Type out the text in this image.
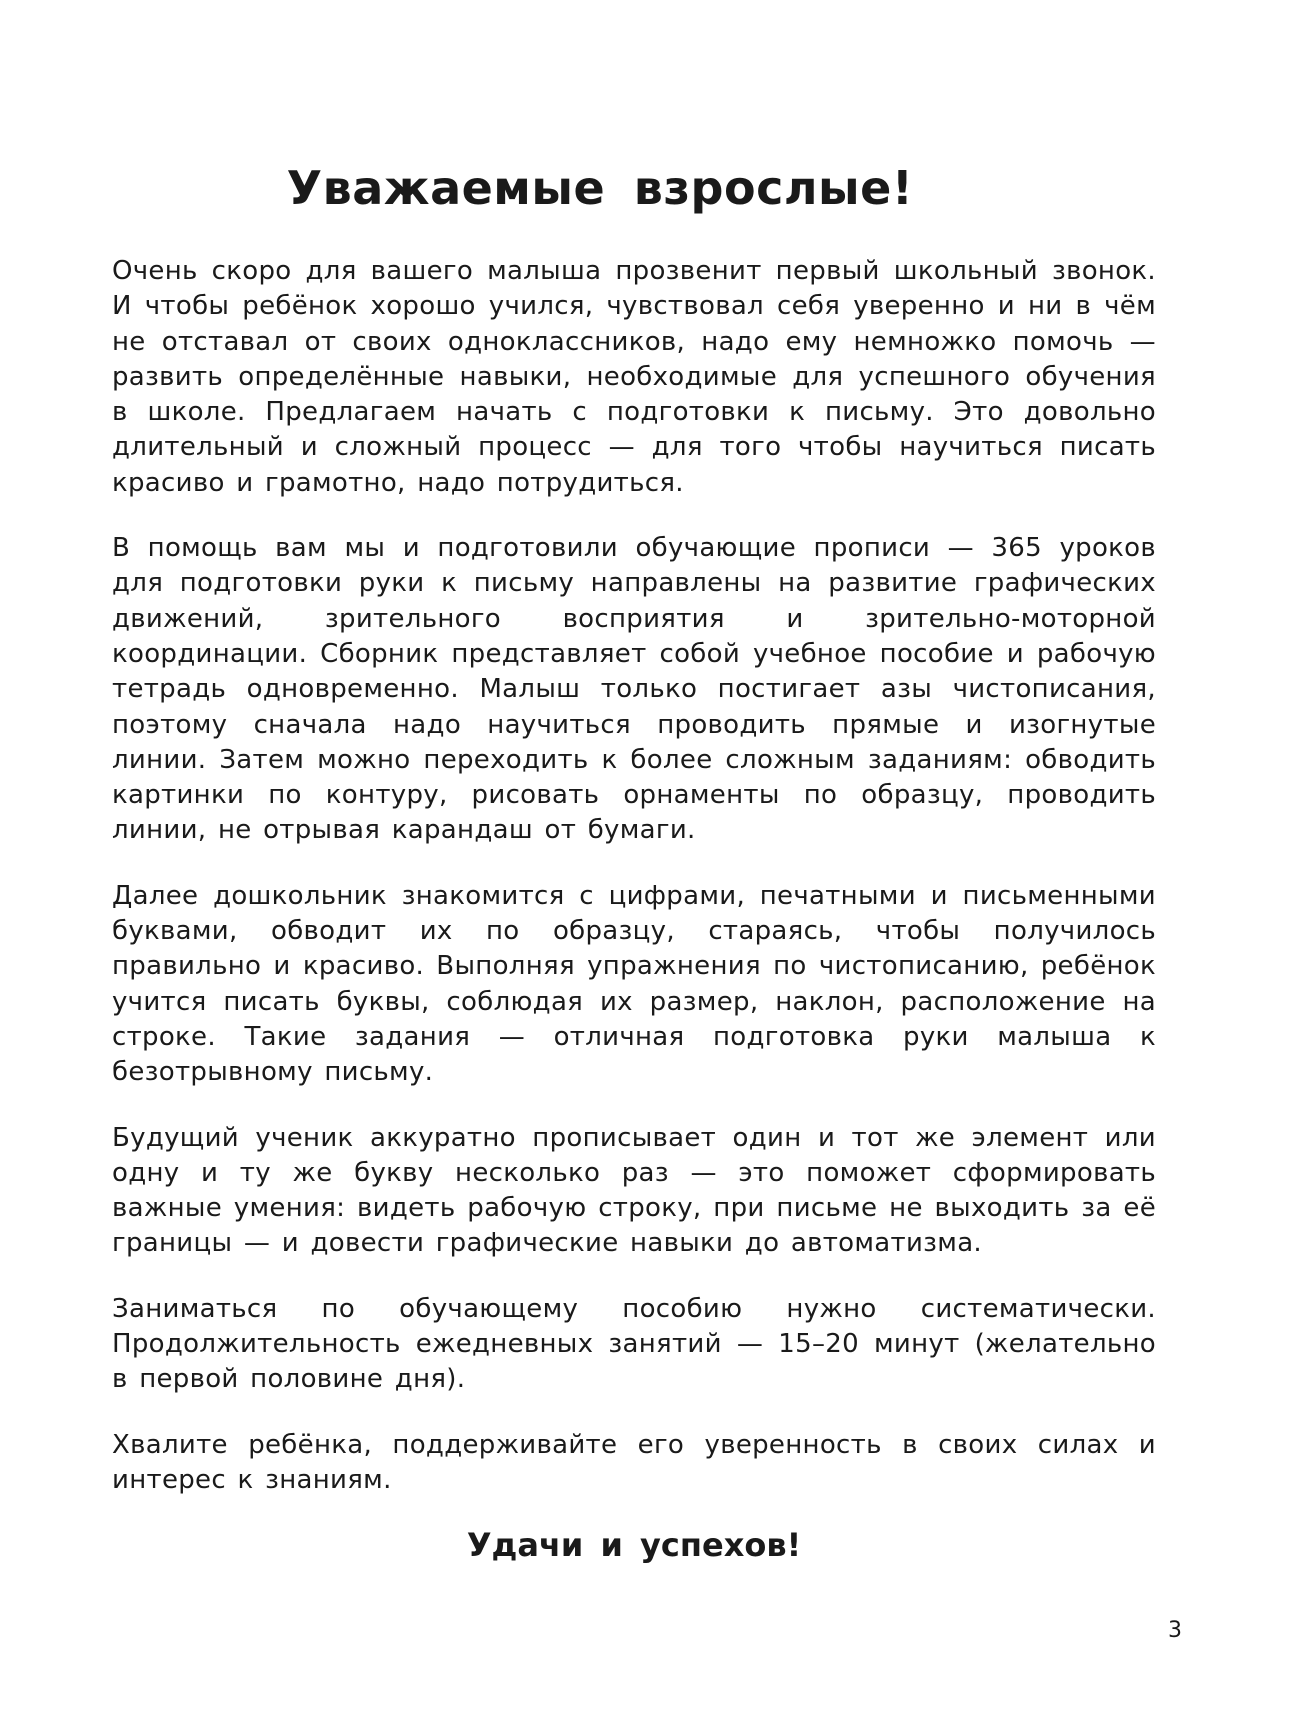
Уважаемые взрослые!

Очень скоро для вашего малыша прозвенит первый школьный звонок. И чтобы ребёнок хорошо учился, чувствовал себя уверенно и ни в чём не отставал от своих одноклассников, надо ему немножко помочь — развить определённые навыки, необходимые для успешного обучения в школе. Предлагаем начать с подготовки к письму. Это довольно длительный и сложный процесс — для того чтобы научиться писать красиво и грамотно, надо потрудиться.

В помощь вам мы и подготовили обучающие прописи — 365 уроков для подготовки руки к письму направлены на развитие графических движений, зрительного восприятия и зрительно-моторной координации. Сборник представляет собой учебное пособие и рабочую тетрадь одновременно. Малыш только постигает азы чистописания, поэтому сначала надо научиться проводить прямые и изогнутые линии. Затем можно переходить к более сложным заданиям: обводить картинки по контуру, рисовать орнаменты по образцу, проводить линии, не отрывая карандаш от бумаги.

Далее дошкольник знакомится с цифрами, печатными и письменными буквами, обводит их по образцу, стараясь, чтобы получилось правильно и красиво. Выполняя упражнения по чистописанию, ребёнок учится писать буквы, соблюдая их размер, наклон, расположение на строке. Такие задания — отличная подготовка руки малыша к безотрывному письму.

Будущий ученик аккуратно прописывает один и тот же элемент или одну и ту же букву несколько раз — это поможет сформировать важные умения: видеть рабочую строку, при письме не выходить за её границы — и довести графические навыки до автоматизма.

Заниматься по обучающему пособию нужно систематически. Продолжительность ежедневных занятий — 15–20 минут (желательно в первой половине дня).

Хвалите ребёнка, поддерживайте его уверенность в своих силах и интерес к знаниям.

Удачи и успехов!

3
